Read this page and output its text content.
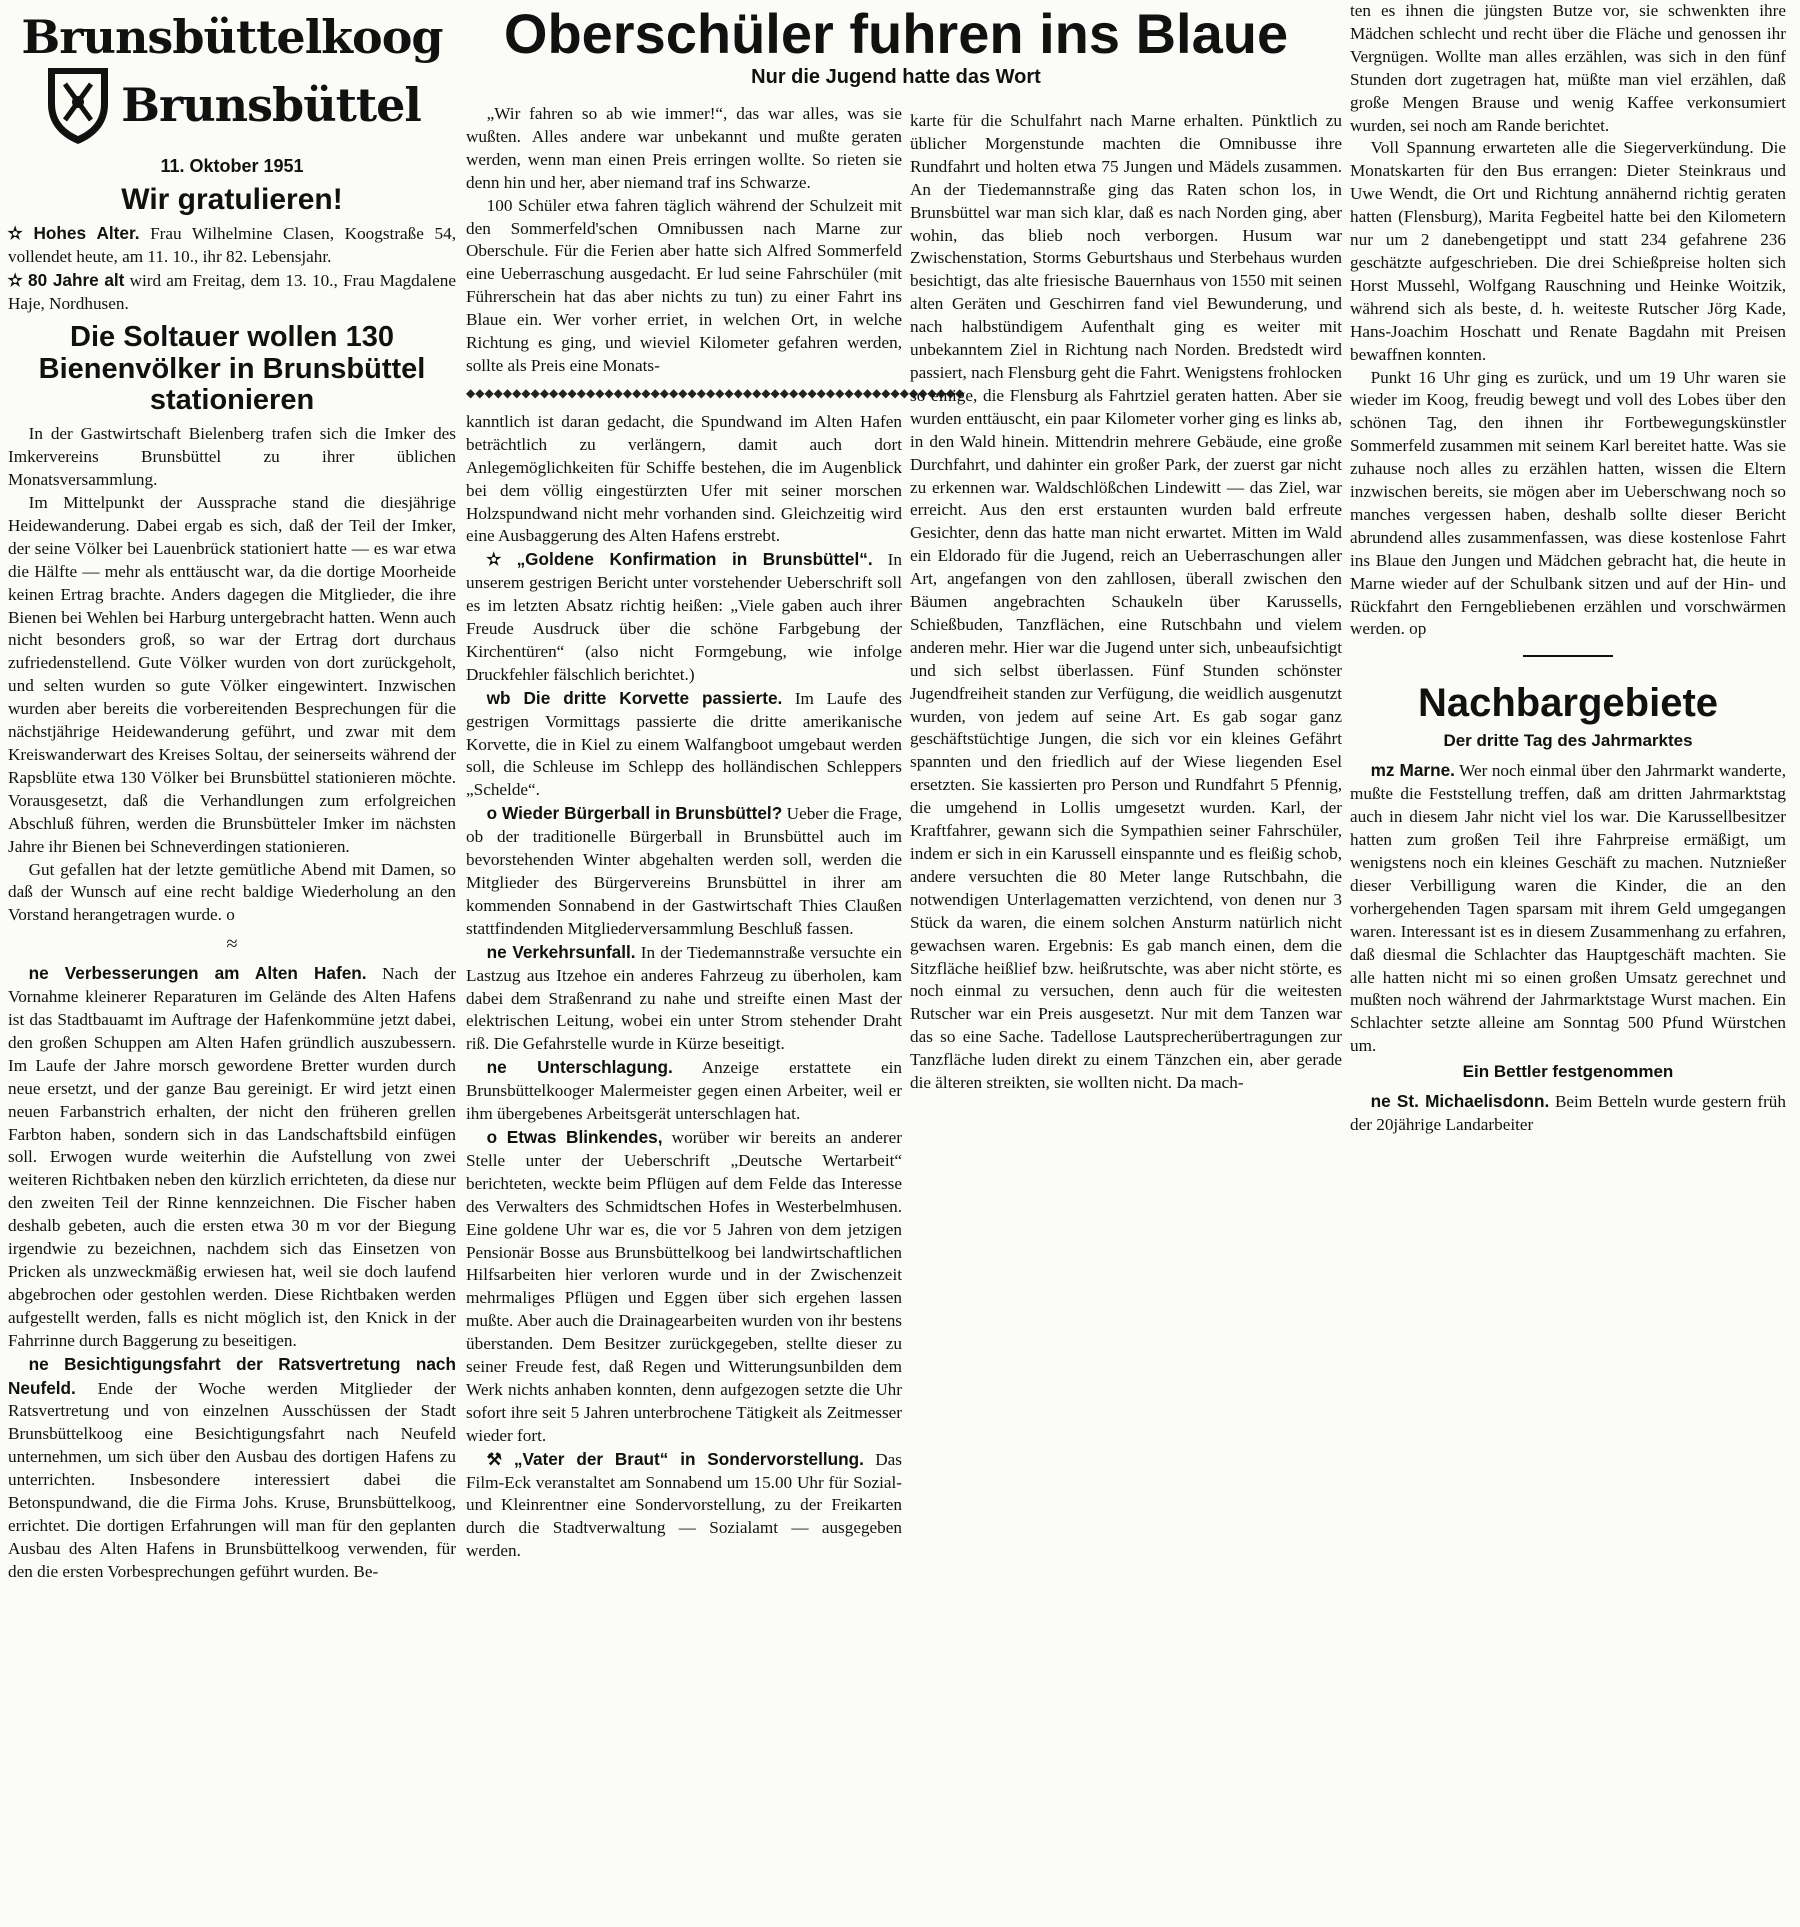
Brunsbüttelkoog
Brunsbüttel
11. Oktober 1951
Wir gratulieren!

✫ Hohes Alter. Frau Wilhelmine Clasen, Koogstraße 54, vollendet heute, am 11. 10., ihr 82. Lebensjahr.

✫ 80 Jahre alt wird am Freitag, dem 13. 10., Frau Magdalene Haje, Nordhusen.

Die Soltauer wollen 130 Bienenvölker in Brunsbüttel stationieren

In der Gastwirtschaft Bielenberg trafen sich die Imker des Imkervereins Brunsbüttel zu ihrer üblichen Monatsversammlung.

Im Mittelpunkt der Aussprache stand die diesjährige Heidewanderung. Dabei ergab es sich, daß der Teil der Imker, der seine Völker bei Lauenbrück stationiert hatte — es war etwa die Hälfte — mehr als enttäuscht war, da die dortige Moorheide keinen Ertrag brachte. Anders dagegen die Mitglieder, die ihre Bienen bei Wehlen bei Harburg untergebracht hatten. Wenn auch nicht besonders groß, so war der Ertrag dort durchaus zufriedenstellend. Gute Völker wurden von dort zurückgeholt, und selten wurden so gute Völker eingewintert. Inzwischen wurden aber bereits die vorbereitenden Besprechungen für die nächstjährige Heidewanderung geführt, und zwar mit dem Kreiswanderwart des Kreises Soltau, der seinerseits während der Rapsblüte etwa 130 Völker bei Brunsbüttel stationieren möchte. Vorausgesetzt, daß die Verhandlungen zum erfolgreichen Abschluß führen, werden die Brunsbütteler Imker im nächsten Jahre ihr Bienen bei Schneverdingen stationieren.

Gut gefallen hat der letzte gemütliche Abend mit Damen, so daß der Wunsch auf eine recht baldige Wiederholung an den Vorstand herangetragen wurde. o

≈

ne Verbesserungen am Alten Hafen. Nach der Vornahme kleinerer Reparaturen im Gelände des Alten Hafens ist das Stadtbauamt im Auftrage der Hafenkommüne jetzt dabei, den großen Schuppen am Alten Hafen gründlich auszubessern. Im Laufe der Jahre morsch gewordene Bretter wurden durch neue ersetzt, und der ganze Bau gereinigt. Er wird jetzt einen neuen Farbanstrich erhalten, der nicht den früheren grellen Farbton haben, sondern sich in das Landschaftsbild einfügen soll. Erwogen wurde weiterhin die Aufstellung von zwei weiteren Richtbaken neben den kürzlich errichteten, da diese nur den zweiten Teil der Rinne kennzeichnen. Die Fischer haben deshalb gebeten, auch die ersten etwa 30 m vor der Biegung irgendwie zu bezeichnen, nachdem sich das Einsetzen von Pricken als unzweckmäßig erwiesen hat, weil sie doch laufend abgebrochen oder gestohlen werden. Diese Richtbaken werden aufgestellt werden, falls es nicht möglich ist, den Knick in der Fahrrinne durch Baggerung zu beseitigen.

ne Besichtigungsfahrt der Ratsvertretung nach Neufeld. Ende der Woche werden Mitglieder der Ratsvertretung und von einzelnen Ausschüssen der Stadt Brunsbüttelkoog eine Besichtigungsfahrt nach Neufeld unternehmen, um sich über den Ausbau des dortigen Hafens zu unterrichten. Insbesondere interessiert dabei die Betonspundwand, die die Firma Johs. Kruse, Brunsbüttelkoog, errichtet. Die dortigen Erfahrungen will man für den geplanten Ausbau des Alten Hafens in Brunsbüttelkoog verwenden, für den die ersten Vorbesprechungen geführt wurden. Be-

Oberschüler fuhren ins Blaue
Nur die Jugend hatte das Wort

„Wir fahren so ab wie immer!“, das war alles, was sie wußten. Alles andere war unbekannt und mußte geraten werden, wenn man einen Preis erringen wollte. So rieten sie denn hin und her, aber niemand traf ins Schwarze.

100 Schüler etwa fahren täglich während der Schulzeit mit den Sommerfeld'schen Omnibussen nach Marne zur Oberschule. Für die Ferien aber hatte sich Alfred Sommerfeld eine Ueberraschung ausgedacht. Er lud seine Fahrschüler (mit Führerschein hat das aber nichts zu tun) zu einer Fahrt ins Blaue ein. Wer vorher erriet, in welchen Ort, in welche Richtung es ging, und wieviel Kilometer gefahren werden, sollte als Preis eine Monats-

◆◆◆◆◆◆◆◆◆◆◆◆◆◆◆◆◆◆◆◆◆◆◆◆◆◆◆◆◆◆◆◆◆◆◆◆◆◆◆◆◆◆◆◆◆◆◆◆◆◆◆◆◆◆

kanntlich ist daran gedacht, die Spundwand im Alten Hafen beträchtlich zu verlängern, damit auch dort Anlegemöglichkeiten für Schiffe bestehen, die im Augenblick bei dem völlig eingestürzten Ufer mit seiner morschen Holzspundwand nicht mehr vorhanden sind. Gleichzeitig wird eine Ausbaggerung des Alten Hafens erstrebt.

✫ „Goldene Konfirmation in Brunsbüttel“. In unserem gestrigen Bericht unter vorstehender Ueberschrift soll es im letzten Absatz richtig heißen: „Viele gaben auch ihrer Freude Ausdruck über die schöne Farbgebung der Kirchentüren“ (also nicht Formgebung, wie infolge Druckfehler fälschlich berichtet.)

wb Die dritte Korvette passierte. Im Laufe des gestrigen Vormittags passierte die dritte amerikanische Korvette, die in Kiel zu einem Walfangboot umgebaut werden soll, die Schleuse im Schlepp des holländischen Schleppers „Schelde“.

o Wieder Bürgerball in Brunsbüttel? Ueber die Frage, ob der traditionelle Bürgerball in Brunsbüttel auch im bevorstehenden Winter abgehalten werden soll, werden die Mitglieder des Bürgervereins Brunsbüttel in ihrer am kommenden Sonnabend in der Gastwirtschaft Thies Claußen stattfindenden Mitgliederversammlung Beschluß fassen.

ne Verkehrsunfall. In der Tiedemannstraße versuchte ein Lastzug aus Itzehoe ein anderes Fahrzeug zu überholen, kam dabei dem Straßenrand zu nahe und streifte einen Mast der elektrischen Leitung, wobei ein unter Strom stehender Draht riß. Die Gefahrstelle wurde in Kürze beseitigt.

ne Unterschlagung. Anzeige erstattete ein Brunsbüttelkooger Malermeister gegen einen Arbeiter, weil er ihm übergebenes Arbeitsgerät unterschlagen hat.

o Etwas Blinkendes, worüber wir bereits an anderer Stelle unter der Ueberschrift „Deutsche Wertarbeit“ berichteten, weckte beim Pflügen auf dem Felde das Interesse des Verwalters des Schmidtschen Hofes in Westerbelmhusen. Eine goldene Uhr war es, die vor 5 Jahren von dem jetzigen Pensionär Bosse aus Brunsbüttelkoog bei landwirtschaftlichen Hilfsarbeiten hier verloren wurde und in der Zwischenzeit mehrmaliges Pflügen und Eggen über sich ergehen lassen mußte. Aber auch die Drainagearbeiten wurden von ihr bestens überstanden. Dem Besitzer zurückgegeben, stellte dieser zu seiner Freude fest, daß Regen und Witterungsunbilden dem Werk nichts anhaben konnten, denn aufgezogen setzte die Uhr sofort ihre seit 5 Jahren unterbrochene Tätigkeit als Zeitmesser wieder fort.

⚒ „Vater der Braut“ in Sondervorstellung. Das Film-Eck veranstaltet am Sonnabend um 15.00 Uhr für Sozial- und Kleinrentner eine Sondervorstellung, zu der Freikarten durch die Stadtverwaltung — Sozialamt — ausgegeben werden.

karte für die Schulfahrt nach Marne erhalten. Pünktlich zu üblicher Morgenstunde machten die Omnibusse ihre Rundfahrt und holten etwa 75 Jungen und Mädels zusammen. An der Tiedemannstraße ging das Raten schon los, in Brunsbüttel war man sich klar, daß es nach Norden ging, aber wohin, das blieb noch verborgen. Husum war Zwischenstation, Storms Geburtshaus und Sterbehaus wurden besichtigt, das alte friesische Bauernhaus von 1550 mit seinen alten Geräten und Geschirren fand viel Bewunderung, und nach halbstündigem Aufenthalt ging es weiter mit unbekanntem Ziel in Richtung nach Norden. Bredstedt wird passiert, nach Flensburg geht die Fahrt. Wenigstens frohlocken so einige, die Flensburg als Fahrtziel geraten hatten. Aber sie wurden enttäuscht, ein paar Kilometer vorher ging es links ab, in den Wald hinein. Mittendrin mehrere Gebäude, eine große Durchfahrt, und dahinter ein großer Park, der zuerst gar nicht zu erkennen war. Waldschlößchen Lindewitt — das Ziel, war erreicht. Aus den erst erstaunten wurden bald erfreute Gesichter, denn das hatte man nicht erwartet. Mitten im Wald ein Eldorado für die Jugend, reich an Ueberraschungen aller Art, angefangen von den zahllosen, überall zwischen den Bäumen angebrachten Schaukeln über Karussells, Schießbuden, Tanzflächen, eine Rutschbahn und vielem anderen mehr. Hier war die Jugend unter sich, unbeaufsichtigt und sich selbst überlassen. Fünf Stunden schönster Jugendfreiheit standen zur Verfügung, die weidlich ausgenutzt wurden, von jedem auf seine Art. Es gab sogar ganz geschäftstüchtige Jungen, die sich vor ein kleines Gefährt spannten und den friedlich auf der Wiese liegenden Esel ersetzten. Sie kassierten pro Person und Rundfahrt 5 Pfennig, die umgehend in Lollis umgesetzt wurden. Karl, der Kraftfahrer, gewann sich die Sympathien seiner Fahrschüler, indem er sich in ein Karussell einspannte und es fleißig schob, andere versuchten die 80 Meter lange Rutschbahn, die notwendigen Unterlagematten verzichtend, von denen nur 3 Stück da waren, die einem solchen Ansturm natürlich nicht gewachsen waren. Ergebnis: Es gab manch einen, dem die Sitzfläche heißlief bzw. heißrutschte, was aber nicht störte, es noch einmal zu versuchen, denn auch für die weitesten Rutscher war ein Preis ausgesetzt. Nur mit dem Tanzen war das so eine Sache. Tadellose Lautsprecherübertragungen zur Tanzfläche luden direkt zu einem Tänzchen ein, aber gerade die älteren streikten, sie wollten nicht. Da mach-

ten es ihnen die jüngsten Butze vor, sie schwenkten ihre Mädchen schlecht und recht über die Fläche und genossen ihr Vergnügen. Wollte man alles erzählen, was sich in den fünf Stunden dort zugetragen hat, müßte man viel erzählen, daß große Mengen Brause und wenig Kaffee verkonsumiert wurden, sei noch am Rande berichtet.

Voll Spannung erwarteten alle die Siegerverkündung. Die Monatskarten für den Bus errangen: Dieter Steinkraus und Uwe Wendt, die Ort und Richtung annähernd richtig geraten hatten (Flensburg), Marita Fegbeitel hatte bei den Kilometern nur um 2 danebengetippt und statt 234 gefahrene 236 geschätzte aufgeschrieben. Die drei Schießpreise holten sich Horst Mussehl, Wolfgang Rauschning und Heinke Woitzik, während sich als beste, d. h. weiteste Rutscher Jörg Kade, Hans-Joachim Hoschatt und Renate Bagdahn mit Preisen bewaffnen konnten.

Punkt 16 Uhr ging es zurück, und um 19 Uhr waren sie wieder im Koog, freudig bewegt und voll des Lobes über den schönen Tag, den ihnen ihr Fortbewegungskünstler Sommerfeld zusammen mit seinem Karl bereitet hatte. Was sie zuhause noch alles zu erzählen hatten, wissen die Eltern inzwischen bereits, sie mögen aber im Ueberschwang noch so manches vergessen haben, deshalb sollte dieser Bericht abrundend alles zusammenfassen, was diese kostenlose Fahrt ins Blaue den Jungen und Mädchen gebracht hat, die heute in Marne wieder auf der Schulbank sitzen und auf der Hin- und Rückfahrt den Ferngebliebenen erzählen und vorschwärmen werden. op

Nachbargebiete
Der dritte Tag des Jahrmarktes

mz Marne. Wer noch einmal über den Jahrmarkt wanderte, mußte die Feststellung treffen, daß am dritten Jahrmarktstag auch in diesem Jahr nicht viel los war. Die Karussellbesitzer hatten zum großen Teil ihre Fahrpreise ermäßigt, um wenigstens noch ein kleines Geschäft zu machen. Nutznießer dieser Verbilligung waren die Kinder, die an den vorhergehenden Tagen sparsam mit ihrem Geld umgegangen waren. Interessant ist es in diesem Zusammenhang zu erfahren, daß diesmal die Schlachter das Hauptgeschäft machten. Sie alle hatten nicht mi so einen großen Umsatz gerechnet und mußten noch während der Jahrmarktstage Wurst machen. Ein Schlachter setzte alleine am Sonntag 500 Pfund Würstchen um.

Ein Bettler festgenommen

ne St. Michaelisdonn. Beim Betteln wurde gestern früh der 20jährige Landarbeiter
